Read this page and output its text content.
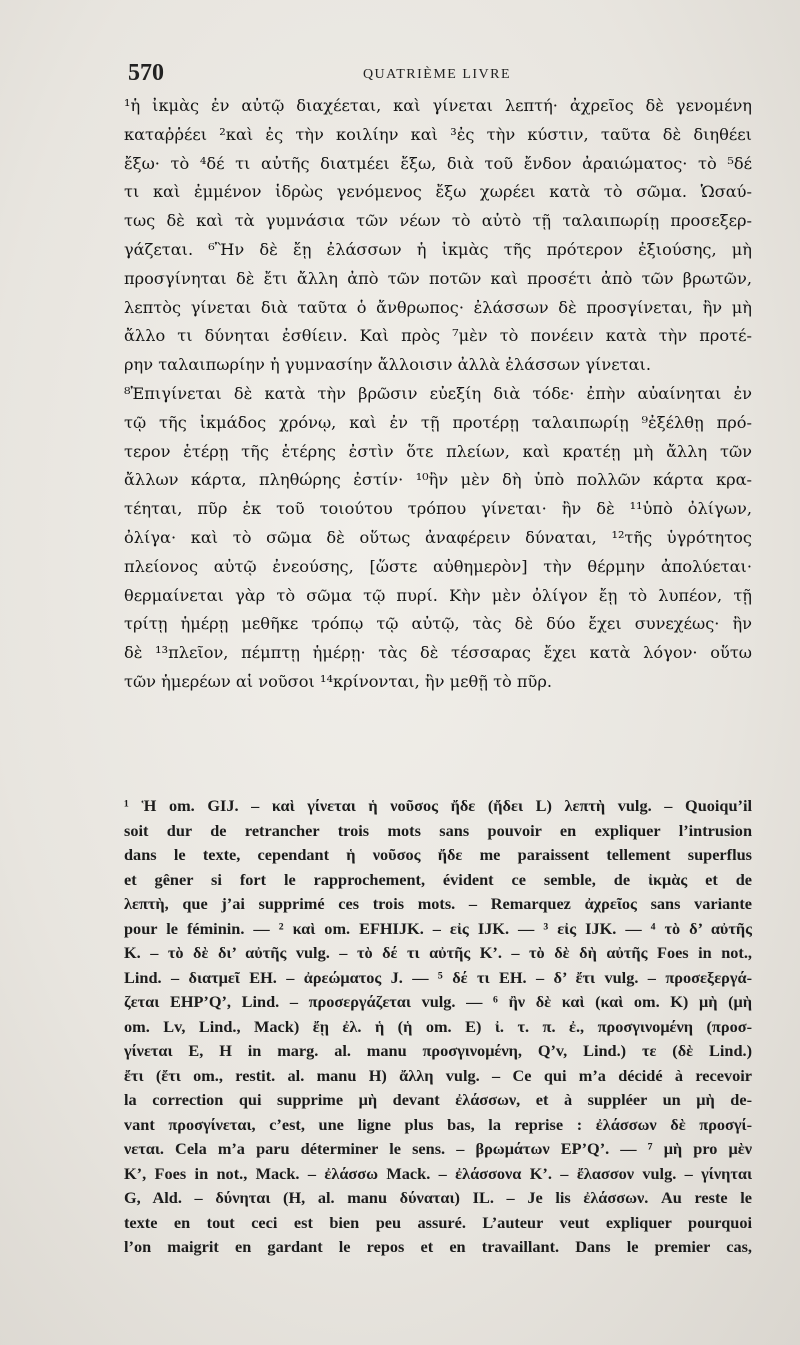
570	QUATRIÈME LIVRE
¹ἡ ἰκμὰς ἐν αὐτῷ διαχέεται, καὶ γίνεται λεπτή· ἀχρεῖος δὲ γενομένη
καταῤῥέει ²καὶ ἐς τὴν κοιλίην καὶ ³ἐς τὴν κύστιν, ταῦτα δὲ διηθέει
ἔξω· τὸ ⁴δέ τι αὐτῆς διατμέει ἔξω, διὰ τοῦ ἔνδον ἀραιώματος· τὸ ⁵δέ
τι καὶ ἐμμένον ἱδρὼς γενόμενος ἔξω χωρέει κατὰ τὸ σῶμα. Ὡσαύ-
τως δὲ καὶ τὰ γυμνάσια τῶν νέων τὸ αὐτὸ τῇ ταλαιπωρίῃ προσεξερ-
γάζεται. ⁶Ἢν δὲ ἔῃ ἐλάσσων ἡ ἰκμὰς τῆς πρότερον ἐξιούσης, μὴ
προσγίνηται δὲ ἔτι ἄλλη ἀπὸ τῶν ποτῶν καὶ προσέτι ἀπὸ τῶν βρωτῶν,
λεπτὸς γίνεται διὰ ταῦτα ὁ ἄνθρωπος· ἐλάσσων δὲ προσγίνεται, ἢν μὴ
ἄλλο τι δύνηται ἐσθίειν. Καὶ πρὸς ⁷μὲν τὸ πονέειν κατὰ τὴν προτέ-
ρην ταλαιπωρίην ἡ γυμνασίην ἄλλοισιν ἀλλὰ ἐλάσσων γίνεται.
⁸Ἐπιγίνεται δὲ κατὰ τὴν βρῶσιν εὐεξίη διὰ τόδε· ἐπὴν αὐαίνηται ἐν
τῷ τῆς ἰκμάδος χρόνῳ, καὶ ἐν τῇ προτέρῃ ταλαιπωρίῃ ⁹ἐξέλθῃ πρό-
τερον ἑτέρῃ τῆς ἑτέρης ἐστὶν ὅτε πλείων, καὶ κρατέῃ μὴ ἄλλη τῶν
ἄλλων κάρτα, πληθώρης ἐστίν· ¹⁰ἢν μὲν δὴ ὑπὸ πολλῶν κάρτα κρα-
τέηται, πῦρ ἐκ τοῦ τοιούτου τρόπου γίνεται· ἢν δὲ ¹¹ὑπὸ ὀλίγων,
ὀλίγα· καὶ τὸ σῶμα δὲ οὕτως ἀναφέρειν δύναται, ¹²τῆς ὑγρότητος
πλείονος αὐτῷ ἐνεούσης, [ὥστε αὐθημερὸν] τὴν θέρμην ἀπολύεται·
θερμαίνεται γὰρ τὸ σῶμα τῷ πυρί. Κὴν μὲν ὀλίγον ἔῃ τὸ λυπέον, τῇ
τρίτῃ ἡμέρῃ μεθῆκε τρόπῳ τῷ αὐτῷ, τὰς δὲ δύο ἔχει συνεχέως· ἢν
δὲ ¹³πλεῖον, πέμπτῃ ἡμέρῃ· τὰς δὲ τέσσαρας ἔχει κατὰ λόγον· οὕτω
τῶν ἡμερέων αἱ νοῦσοι ¹⁴κρίνονται, ἢν μεθῇ τὸ πῦρ.
¹ Ἡ om. GIJ. – καὶ γίνεται ἡ νοῦσος ἤδε (ἤδει L) λεπτὴ vulg. – Quoiqu’il
soit dur de retrancher trois mots sans pouvoir en expliquer l’intrusion
dans le texte, cependant ἡ νοῦσος ἤδε me paraissent tellement superflus
et gêner si fort le rapprochement, évident ce semble, de ἰκμὰς et de
λεπτὴ, que j’ai supprimé ces trois mots. – Remarquez ἀχρεῖος sans variante
pour le féminin. — ² καὶ om. EFHIJK. – εἰς IJK. — ³ εἰς IJK. — ⁴ τὸ δ’ αὐτῆς
K. – τὸ δὲ δι’ αὐτῆς vulg. – τὸ δέ τι αὐτῆς K’. – τὸ δὲ δὴ αὐτῆς Foes in not.,
Lind. – διατμεῖ EH. – ἀρεώματος J. — ⁵ δέ τι EH. – δ’ ἔτι vulg. – προσεξεργά-
ζεται EHP’Q’, Lind. – προσεργάζεται vulg. — ⁶ ἢν δὲ καὶ (καὶ om. K) μὴ (μὴ
om. Lv, Lind., Mack) ἔῃ ἐλ. ἡ (ἡ om. E) ἰ. τ. π. ἐ., προσγινομένη (προσ-
γίνεται E, H in marg. al. manu προσγινομένη, Q’v, Lind.) τε (δὲ Lind.)
ἔτι (ἔτι om., restit. al. manu H) ἄλλη vulg. – Ce qui m’a décidé à recevoir
la correction qui supprime μὴ devant ἐλάσσων, et à suppléer un μὴ de-
vant προσγίνεται, c’est, une ligne plus bas, la reprise : ἐλάσσων δὲ προσγί-
νεται. Cela m’a paru déterminer le sens. – βρωμάτων EP’Q’. — ⁷ μὴ pro μὲν
K’, Foes in not., Mack. – ἐλάσσω Mack. – ἐλάσσονα K’. – ἔλασσον vulg. – γίνηται
G, Ald. – δύνηται (H, al. manu δύναται) IL. – Je lis ἐλάσσων. Au reste le
texte en tout ceci est bien peu assuré. L’auteur veut expliquer pourquoi
l’on maigrit en gardant le repos et en travaillant. Dans le premier cas,
